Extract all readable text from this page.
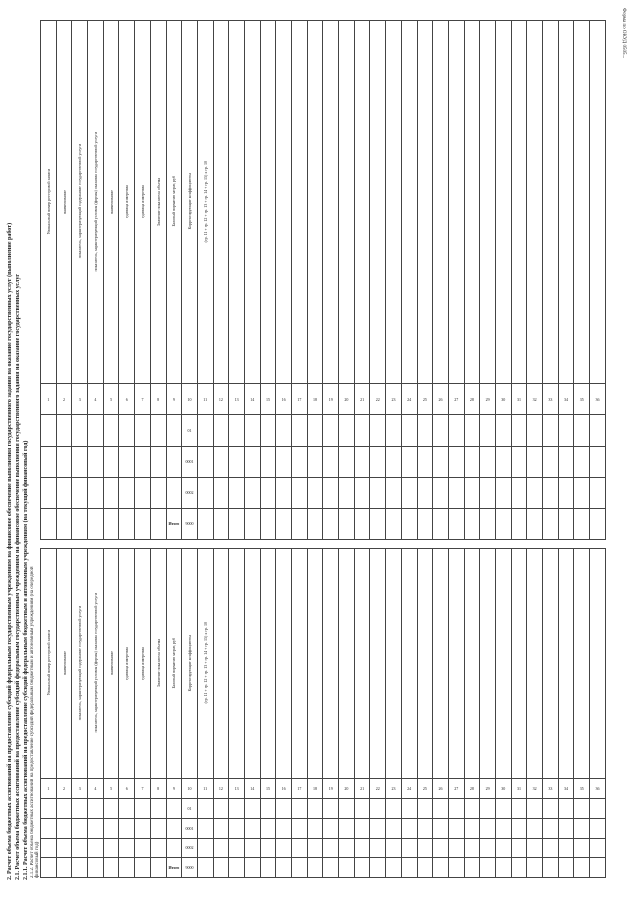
Форма по ОКУД 0505...
2. Расчет объема бюджетных ассигнований на предоставление субсидий федеральным государственным учреждениям на финансовое обеспечение выполнения государственного задания на оказание государственных услуг (выполнение работ) 2.1. Расчет объема бюджетных ассигнований на предоставление субсидий федеральным государственным учреждениям на финансовое обеспечение выполнения государственного задания на оказание государственных услуг 2.1.1. Расчет объема бюджетных ассигнований на предоставление субсидий федеральным бюджетным и автономным учреждениям (на текущий финансовый год)
Уникальный номер реестровой записи	наименование	показатель, характеризующий содержание государственной услуги	показатель, характеризующий условия (формы) оказания государственной услуги	наименование	единица измерения	единица измерения	Значение показателя объема	Базовый норматив затрат, руб	Корректирующие коэффициенты	(гр. 11 + гр. 12 + гр. 13 + гр. 14 + гр. 15) x гр. 10																									
1	2	3	4	5	6	7	8	9	10	11	12	13	14	15	16	17	18	19	20	21	22	23	24	25	26	27	28	29	30	31	32	33	34	35	36
									01																										
									0001																										
									0002																										
								Итого	9000																										
2.1.2. Расчет объема бюджетных ассигнований на предоставление субсидий федеральным бюджетным и автономным учреждениям (на очередной финансовый год)
Уникальный номер реестровой записи	наименование	показатель, характеризующий содержание государственной услуги	показатель, характеризующий условия (формы) оказания государственной услуги	наименование	единица измерения	единица измерения	Значение показателя объема	Базовый норматив затрат, руб	Корректирующие коэффициенты	(гр. 11 + гр. 12 + гр. 13 + гр. 14 + гр. 15) x гр. 10																									
1	2	3	4	5	6	7	8	9	10	11	12	13	14	15	16	17	18	19	20	21	22	23	24	25	26	27	28	29	30	31	32	33	34	35	36
									01																										
									0001																										
									0002																										
								Итого	9000																										
